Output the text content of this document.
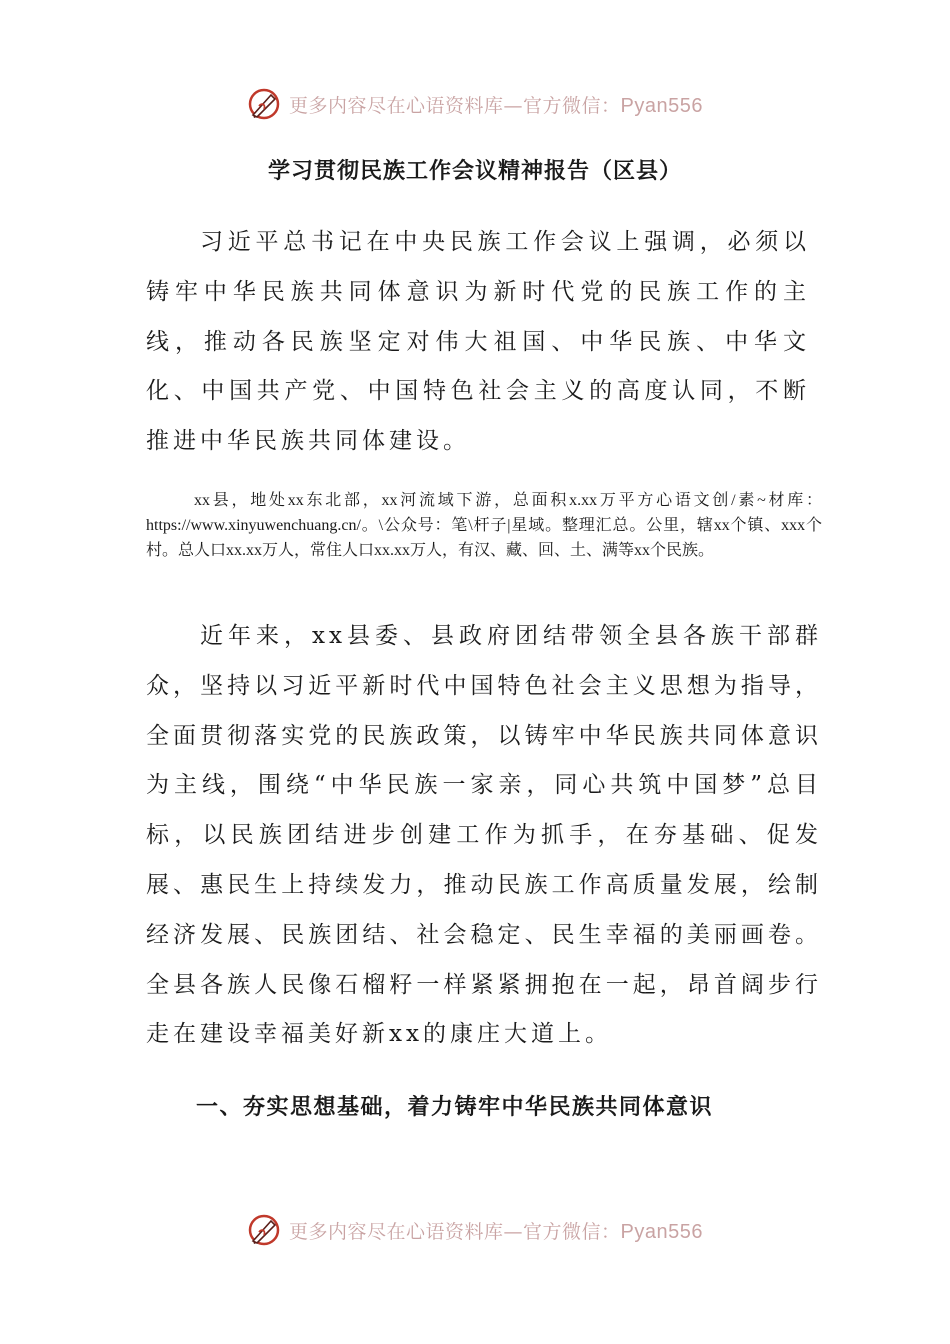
更多内容尽在心语资料库—官方微信：Pyan556
学习贯彻民族工作会议精神报告（区县）

习近平总书记在中央民族工作会议上强调，必须以铸牢中华民族共同体意识为新时代党的民族工作的主线，推动各民族坚定对伟大祖国、中华民族、中华文化、中国共产党、中国特色社会主义的高度认同，不断推进中华民族共同体建设。

xx县，地处xx东北部，xx河流域下游，总面积x.xx万平方心语文创/素~材库：https://www.xinyuwenchuang.cn/。\公众号：笔\杆子|星域。整理汇总。公里，辖xx个镇、xxx个村。总人口xx.xx万人，常住人口xx.xx万人，有汉、藏、回、土、满等xx个民族。

近年来，xx县委、县政府团结带领全县各族干部群众，坚持以习近平新时代中国特色社会主义思想为指导，全面贯彻落实党的民族政策，以铸牢中华民族共同体意识为主线，围绕“中华民族一家亲，同心共筑中国梦”总目标，以民族团结进步创建工作为抓手，在夯基础、促发展、惠民生上持续发力，推动民族工作高质量发展，绘制经济发展、民族团结、社会稳定、民生幸福的美丽画卷。全县各族人民像石榴籽一样紧紧拥抱在一起，昂首阔步行走在建设幸福美好新xx的康庄大道上。

一、夯实思想基础，着力铸牢中华民族共同体意识
更多内容尽在心语资料库—官方微信：Pyan556
